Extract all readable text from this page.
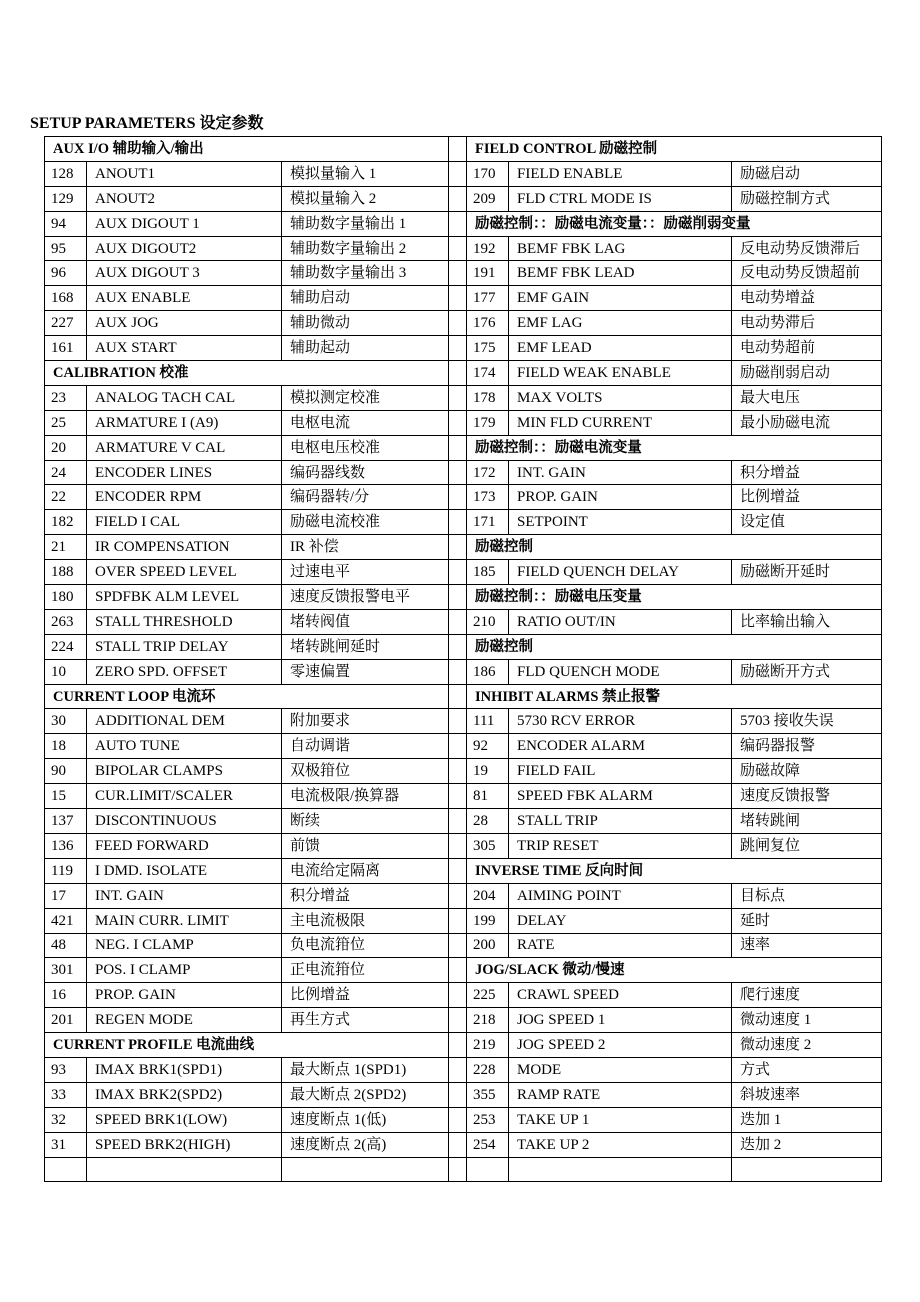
SETUP PARAMETERS 设定参数
AUX I/O 辅助输入/输出				FIELD CONTROL 励磁控制		
128	ANOUT1	模拟量输入 1		170	FIELD ENABLE	励磁启动
129	ANOUT2	模拟量输入 2		209	FLD CTRL MODE IS	励磁控制方式
94	AUX DIGOUT 1	辅助数字量输出 1		励磁控制：：励磁电流变量：：励磁削弱变量		
95	AUX DIGOUT2	辅助数字量输出 2		192	BEMF FBK LAG	反电动势反馈滞后
96	AUX DIGOUT 3	辅助数字量输出 3		191	BEMF FBK LEAD	反电动势反馈超前
168	AUX ENABLE	辅助启动		177	EMF GAIN	电动势增益
227	AUX JOG	辅助微动		176	EMF LAG	电动势滞后
161	AUX START	辅助起动		175	EMF LEAD	电动势超前
CALIBRATION 校准				174	FIELD WEAK ENABLE	励磁削弱启动
23	ANALOG TACH CAL	模拟测定校准		178	MAX VOLTS	最大电压
25	ARMATURE I (A9)	电枢电流		179	MIN FLD CURRENT	最小励磁电流
20	ARMATURE V CAL	电枢电压校准		励磁控制：：励磁电流变量		
24	ENCODER LINES	编码器线数		172	INT. GAIN	积分增益
22	ENCODER RPM	编码器转/分		173	PROP. GAIN	比例增益
182	FIELD I CAL	励磁电流校准		171	SETPOINT	设定值
21	IR COMPENSATION	IR 补偿		励磁控制		
188	OVER SPEED LEVEL	过速电平		185	FIELD QUENCH DELAY	励磁断开延时
180	SPDFBK ALM LEVEL	速度反馈报警电平		励磁控制：：励磁电压变量		
263	STALL THRESHOLD	堵转阀值		210	RATIO OUT/IN	比率输出输入
224	STALL TRIP DELAY	堵转跳闸延时		励磁控制		
10	ZERO SPD. OFFSET	零速偏置		186	FLD QUENCH MODE	励磁断开方式
CURRENT LOOP 电流环				INHIBIT ALARMS 禁止报警		
30	ADDITIONAL DEM	附加要求		111	5730 RCV ERROR	5703 接收失误
18	AUTO TUNE	自动调谐		92	ENCODER ALARM	编码器报警
90	BIPOLAR CLAMPS	双极箝位		19	FIELD FAIL	励磁故障
15	CUR.LIMIT/SCALER	电流极限/换算器		81	SPEED FBK ALARM	速度反馈报警
137	DISCONTINUOUS	断续		28	STALL TRIP	堵转跳闸
136	FEED FORWARD	前馈		305	TRIP RESET	跳闸复位
119	I DMD. ISOLATE	电流给定隔离		INVERSE TIME 反向时间		
17	INT. GAIN	积分增益		204	AIMING POINT	目标点
421	MAIN CURR. LIMIT	主电流极限		199	DELAY	延时
48	NEG. I CLAMP	负电流箝位		200	RATE	速率
301	POS. I CLAMP	正电流箝位		JOG/SLACK 微动/慢速		
16	PROP. GAIN	比例增益		225	CRAWL SPEED	爬行速度
201	REGEN MODE	再生方式		218	JOG SPEED 1	微动速度 1
CURRENT PROFILE 电流曲线				219	JOG SPEED 2	微动速度 2
93	IMAX BRK1(SPD1)	最大断点 1(SPD1)		228	MODE	方式
33	IMAX BRK2(SPD2)	最大断点 2(SPD2)		355	RAMP RATE	斜坡速率
32	SPEED BRK1(LOW)	速度断点 1(低)		253	TAKE UP 1	迭加 1
31	SPEED BRK2(HIGH)	速度断点 2(高)		254	TAKE UP 2	迭加 2
